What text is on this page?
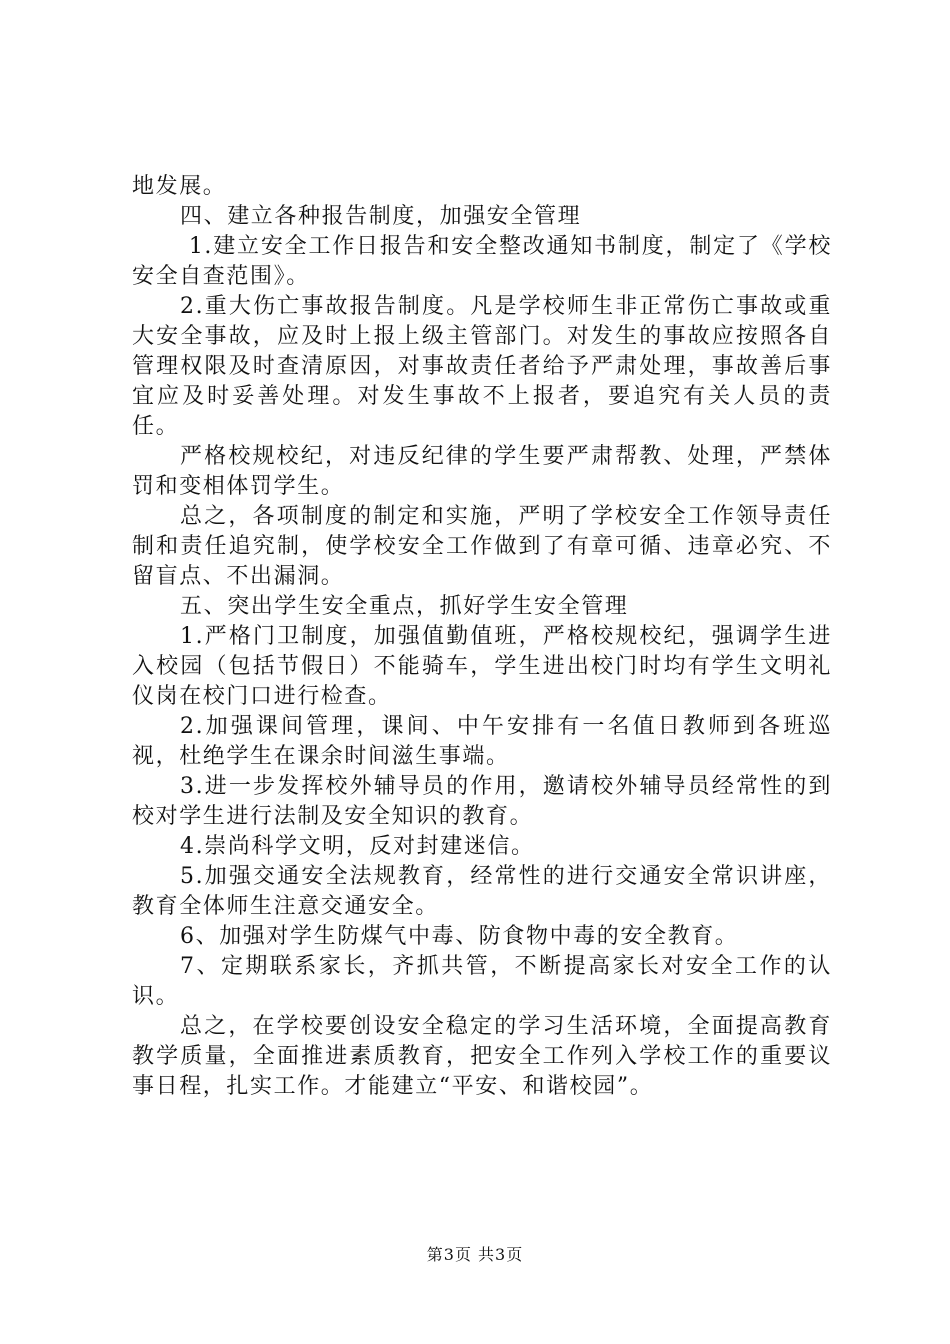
地发展。

四、建立各种报告制度，加强安全管理

1.建立安全工作日报告和安全整改通知书制度，制定了《学校安全自查范围》。

2.重大伤亡事故报告制度。凡是学校师生非正常伤亡事故或重大安全事故，应及时上报上级主管部门。对发生的事故应按照各自管理权限及时查清原因，对事故责任者给予严肃处理，事故善后事宜应及时妥善处理。对发生事故不上报者，要追究有关人员的责任。

严格校规校纪，对违反纪律的学生要严肃帮教、处理，严禁体罚和变相体罚学生。

总之，各项制度的制定和实施，严明了学校安全工作领导责任制和责任追究制，使学校安全工作做到了有章可循、违章必究、不留盲点、不出漏洞。

五、突出学生安全重点，抓好学生安全管理

1.严格门卫制度，加强值勤值班，严格校规校纪，强调学生进入校园（包括节假日）不能骑车，学生进出校门时均有学生文明礼仪岗在校门口进行检查。

2.加强课间管理，课间、中午安排有一名值日教师到各班巡视，杜绝学生在课余时间滋生事端。

3.进一步发挥校外辅导员的作用，邀请校外辅导员经常性的到校对学生进行法制及安全知识的教育。

4.崇尚科学文明，反对封建迷信。

5.加强交通安全法规教育，经常性的进行交通安全常识讲座，教育全体师生注意交通安全。

6、加强对学生防煤气中毒、防食物中毒的安全教育。

7、定期联系家长，齐抓共管，不断提高家长对安全工作的认识。

总之，在学校要创设安全稳定的学习生活环境，全面提高教育教学质量，全面推进素质教育，把安全工作列入学校工作的重要议事日程，扎实工作。才能建立“平安、和谐校园”。

第3页 共3页
